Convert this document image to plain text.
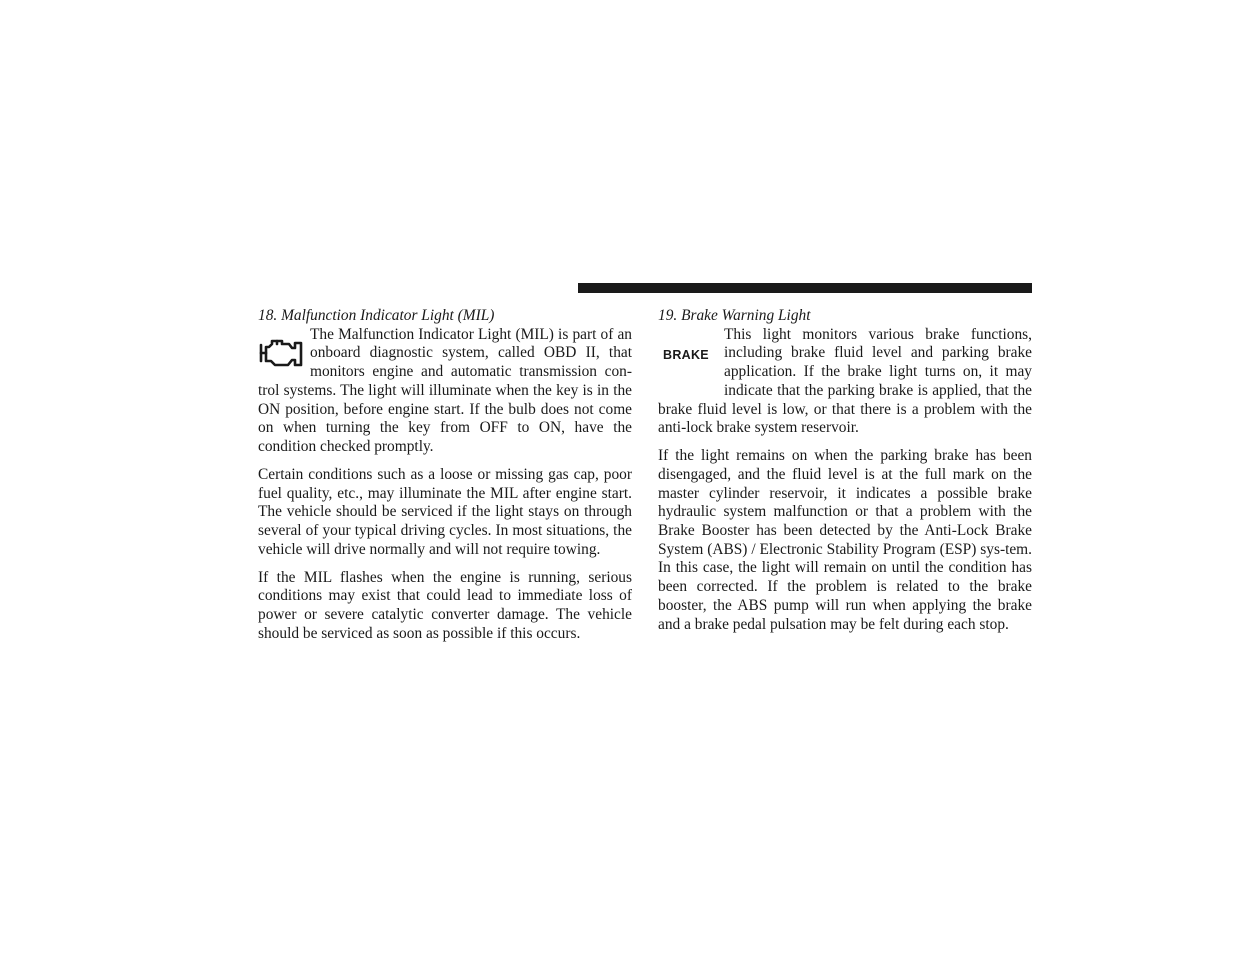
18. Malfunction Indicator Light (MIL)

The Malfunction Indicator Light (MIL) is part of an onboard diagnostic system, called OBD II, that monitors engine and automatic transmission con-trol systems. The light will illuminate when the key is in the ON position, before engine start. If the bulb does not come on when turning the key from OFF to ON, have the condition checked promptly.

Certain conditions such as a loose or missing gas cap, poor fuel quality, etc., may illuminate the MIL after engine start. The vehicle should be serviced if the light stays on through several of your typical driving cycles. In most situations, the vehicle will drive normally and will not require towing.

If the MIL flashes when the engine is running, serious conditions may exist that could lead to immediate loss of power or severe catalytic converter damage. The vehicle should be serviced as soon as possible if this occurs.

19. Brake Warning Light

BRAKE
This light monitors various brake functions, including brake fluid level and parking brake application. If the brake light turns on, it may indicate that the parking brake is applied, that the brake fluid level is low, or that there is a problem with the anti-lock brake system reservoir.

If the light remains on when the parking brake has been disengaged, and the fluid level is at the full mark on the master cylinder reservoir, it indicates a possible brake hydraulic system malfunction or that a problem with the Brake Booster has been detected by the Anti-Lock Brake System (ABS) / Electronic Stability Program (ESP) sys-tem. In this case, the light will remain on until the condition has been corrected. If the problem is related to the brake booster, the ABS pump will run when applying the brake and a brake pedal pulsation may be felt during each stop.
